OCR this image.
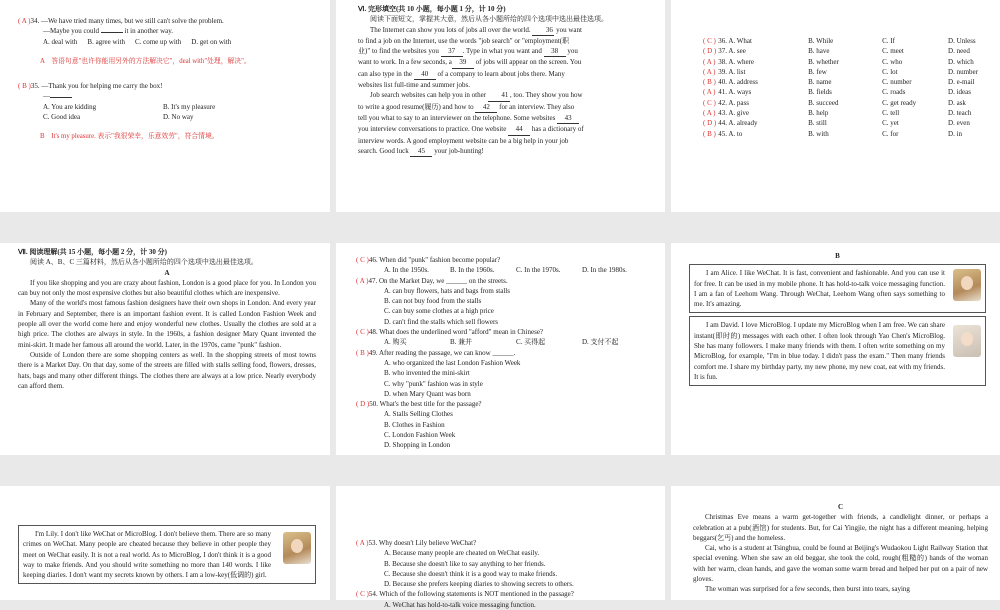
( A )34. —We have tried many times, but we still can't solve the problem.
—Maybe you could	it in another way.
A. deal with	B. agree with	C. come up with	D. get on with
A　答语句意"也许你能用另外的方法解决它"，deal with"处理，解决"。
( B )35. —Thank you for helping me carry the box!
—
A. You are kidding	B. It's my pleasure
C. Good idea	D. No way
B　It's my pleasure. 表示"我很荣幸，乐意效劳"，符合情境。
Ⅵ. 完形填空(共 10 小题，每小题 1 分，计 10 分)
阅读下面短文，掌握其大意，然后从各小题所给的四个选项中选出最佳选项。
The Internet can show you lots of jobs all over the world. 36 you want
to find a job on the Internet, use the words "job search" or "employment(职
业)" to find the websites you 37 . Type in what you want and 38 you
want to work. In a few seconds, a 39 of jobs will appear on the screen. You
can also type in the 40 of a company to learn about jobs there. Many
websites list full-time and summer jobs.
Job search websites can help you in other 41 , too. They show you how
to write a good resume(履历) and how to 42 for an interview. They also
tell you what to say to an interviewer on the telephone. Some websites 43
you interview conversations to practice. One website 44 has a dictionary of
interview words. A good employment website can be a big help in your job
search. Good luck 45 your job-hunting!
( C )	36. A. What	B. While	C. If	D. Unless
( D )	37. A. see	B. have	C. meet	D. need
( A )	38. A. where	B. whether	C. who	D. which
( A )	39. A. list	B. few	C. lot	D. number
( B )	40. A. address	B. name	C. number	D. e-mail
( A )	41. A. ways	B. fields	C. roads	D. ideas
( C )	42. A. pass	B. succeed	C. get ready	D. ask
( A )	43. A. give	B. help	C. tell	D. teach
( D )	44. A. already	B. still	C. yet	D. even
( B )	45. A. to	B. with	C. for	D. in
Ⅶ. 阅读理解(共 15 小题，每小题 2 分，计 30 分)
阅读 A、B、C 三篇材料，然后从各小题所给的四个选项中选出最佳选项。
A
If you like shopping and you are crazy about fashion, London is a good place for you. In London you can buy not only the most expensive clothes but also beautiful clothes which are inexpensive.
Many of the world's most famous fashion designers have their own shops in London. And every year in February and September, there is an important fashion event. It is called London Fashion Week and people all over the world come here and enjoy wonderful new clothes. Usually the clothes are sold at a high price. The clothes are always in style. In the 1960s, a fashion designer Mary Quant invented the mini-skirt. It made her famous all around the world. Later, in the 1970s, came "punk" fashion.
Outside of London there are some shopping centers as well. In the shopping streets of most towns there is a Market Day. On that day, some of the streets are filled with stalls selling food, flowers, dresses, hats, bags and many other different things. The clothes there are always at a low price. Nearly everybody can afford them.
( C )46. When did "punk" fashion become popular?
A. In the 1950s.	B. In the 1960s.	C. In the 1970s.	D. In the 1980s.
( A )47. On the Market Day, we ______ on the streets.
A. can buy flowers, hats and bags from stalls
B. can not buy food from the stalls
C. can buy some clothes at a high price
D. can't find the stalls which sell flowers
( C )48. What does the underlined word "afford" mean in Chinese?
A. 购买	B. 兼并	C. 买得起	D. 支付不起
( B )49. After reading the passage, we can know ______.
A. who organized the last London Fashion Week
B. who invented the mini-skirt
C. why "punk" fashion was in style
D. when Mary Quant was born
( D )50. What's the best title for the passage?
A. Stalls Selling Clothes
B. Clothes in Fashion
C. London Fashion Week
D. Shopping in London
B
I am Alice. I like WeChat. It is fast, convenient and fashionable. And you can use it for free. It can be used in my mobile phone. It has hold-to-talk voice messaging function. I am a fan of Leehom Wang. Through WeChat, Leehom Wang often says something to me. It's amazing.
I am David. I love MicroBlog. I update my MicroBlog when I am free. We can share instant(即时的) messages with each other. I often look through Yao Chen's MicroBlog. She has many followers. I make many friends with them. I often write something on my MicroBlog, for example, "I'm in blue today. I didn't pass the exam." Then many friends comfort me. I share my birthday party, my new phone, my new coat, eat with my friends. It is fun.
I'm Lily. I don't like WeChat or MicroBlog. I don't believe them. There are so many crimes on WeChat. Many people are cheated because they believe in other people they meet on WeChat easily. It is not a real world. As to MicroBlog, I don't think it is a good way to make friends. And you should write something no more than 140 words. I like keeping diaries. I don't want my secrets known by others. I am a low-key(低调的) girl.
( A )53. Why doesn't Lily believe WeChat?
A. Because many people are cheated on WeChat easily.
B. Because she doesn't like to say anything to her friends.
C. Because she doesn't think it is a good way to make friends.
D. Because she prefers keeping diaries to showing secrets to others.
( C )54. Which of the following statements is NOT mentioned in the passage?
A. WeChat has hold-to-talk voice messaging function.
C
Christmas Eve means a warm get-together with friends, a candlelight dinner, or perhaps a celebration at a pub(酒馆) for students. But, for Cai Yingjie, the night has a different meaning, helping beggars(乞丐) and the homeless.
Cai, who is a student at Tsinghua, could be found at Beijing's Wudaokou Light Railway Station that special evening. When she saw an old beggar, she took the cold, rough(粗糙的) hands of the woman with her warm, clean hands, and gave the woman some warm bread and helped her put on a pair of new gloves.
The woman was surprised for a few seconds, then burst into tears, saying
